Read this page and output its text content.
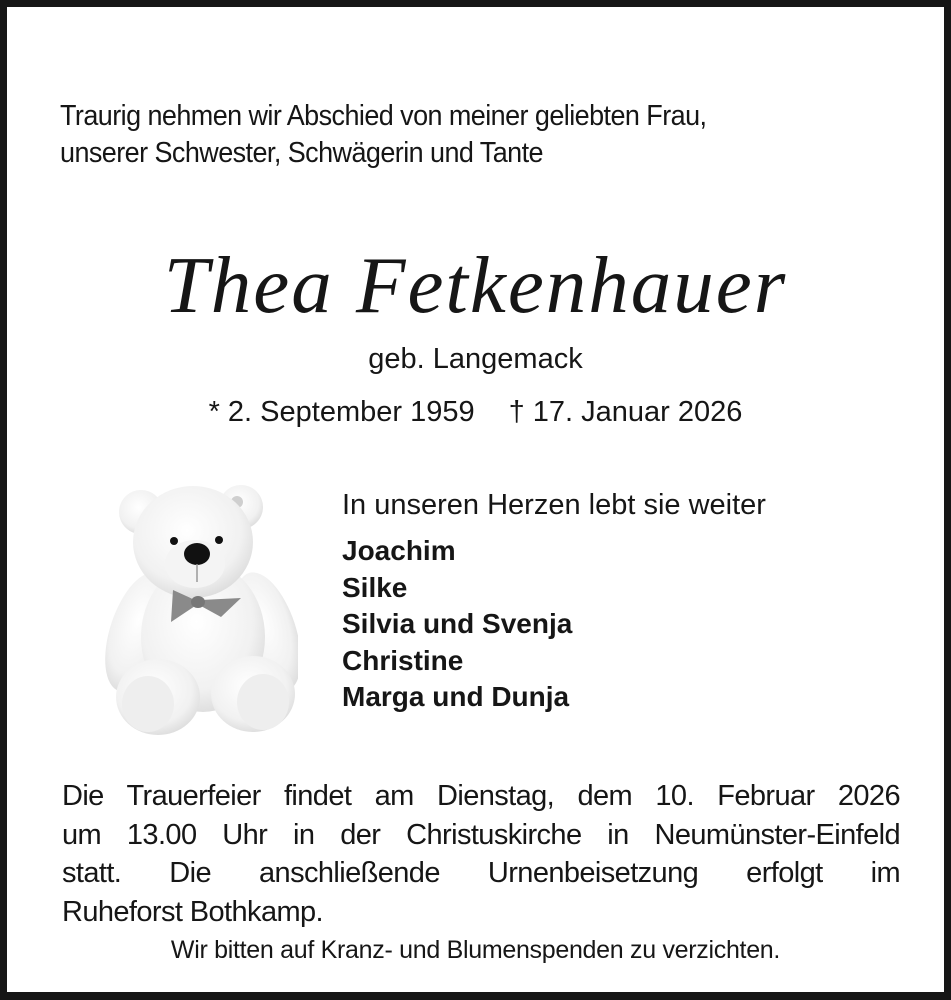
Traurig nehmen wir Abschied von meiner geliebten Frau,
unserer Schwester, Schwägerin und Tante
Thea Fetkenhauer
geb. Langemack
* 2. September 1959 † 17. Januar 2026
In unseren Herzen lebt sie weiter
Joachim
Silke
Silvia und Svenja
Christine
Marga und Dunja
Die Trauerfeier findet am Dienstag, dem 10. Februar 2026
um 13.00 Uhr in der Christuskirche in Neumünster-Einfeld
statt. Die anschließende Urnenbeisetzung erfolgt im
Ruheforst Bothkamp.
Wir bitten auf Kranz- und Blumenspenden zu verzichten.
